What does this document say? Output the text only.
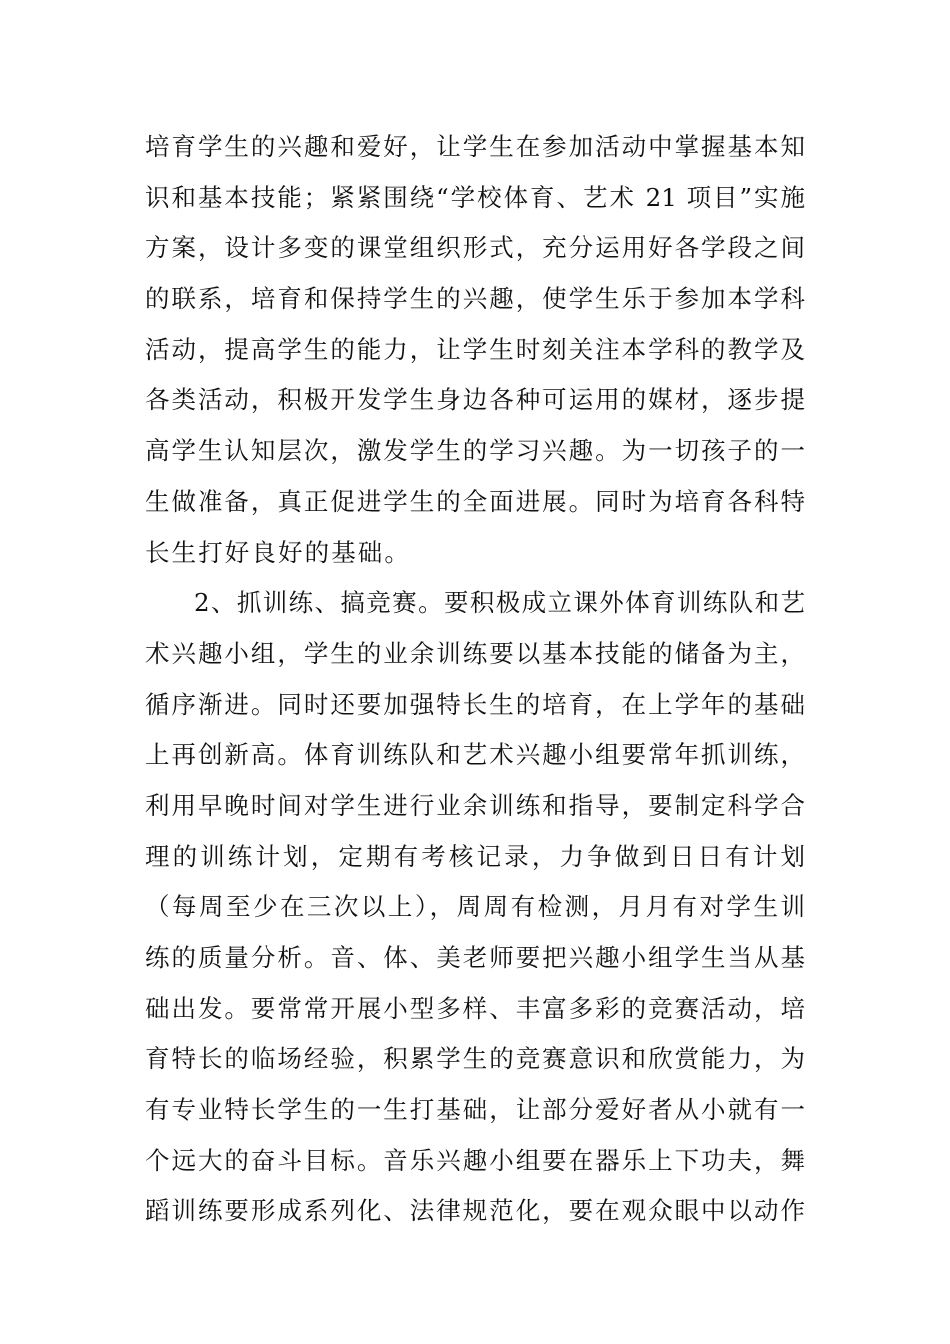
培育学生的兴趣和爱好，让学生在参加活动中掌握基本知
识和基本技能；紧紧围绕“学校体育、艺术 21 项目”实施
方案，设计多变的课堂组织形式，充分运用好各学段之间
的联系，培育和保持学生的兴趣，使学生乐于参加本学科
活动，提高学生的能力，让学生时刻关注本学科的教学及
各类活动，积极开发学生身边各种可运用的媒材，逐步提
高学生认知层次，激发学生的学习兴趣。为一切孩子的一
生做准备，真正促进学生的全面进展。同时为培育各科特
长生打好良好的基础。
2、抓训练、搞竞赛。要积极成立课外体育训练队和艺
术兴趣小组，学生的业余训练要以基本技能的储备为主，
循序渐进。同时还要加强特长生的培育，在上学年的基础
上再创新高。体育训练队和艺术兴趣小组要常年抓训练，
利用早晚时间对学生进行业余训练和指导，要制定科学合
理的训练计划，定期有考核记录，力争做到日日有计划
（每周至少在三次以上），周周有检测，月月有对学生训
练的质量分析。音、体、美老师要把兴趣小组学生当从基
础出发。要常常开展小型多样、丰富多彩的竞赛活动，培
育特长的临场经验，积累学生的竞赛意识和欣赏能力，为
有专业特长学生的一生打基础，让部分爱好者从小就有一
个远大的奋斗目标。音乐兴趣小组要在器乐上下功夫，舞
蹈训练要形成系列化、法律规范化，要在观众眼中以动作
